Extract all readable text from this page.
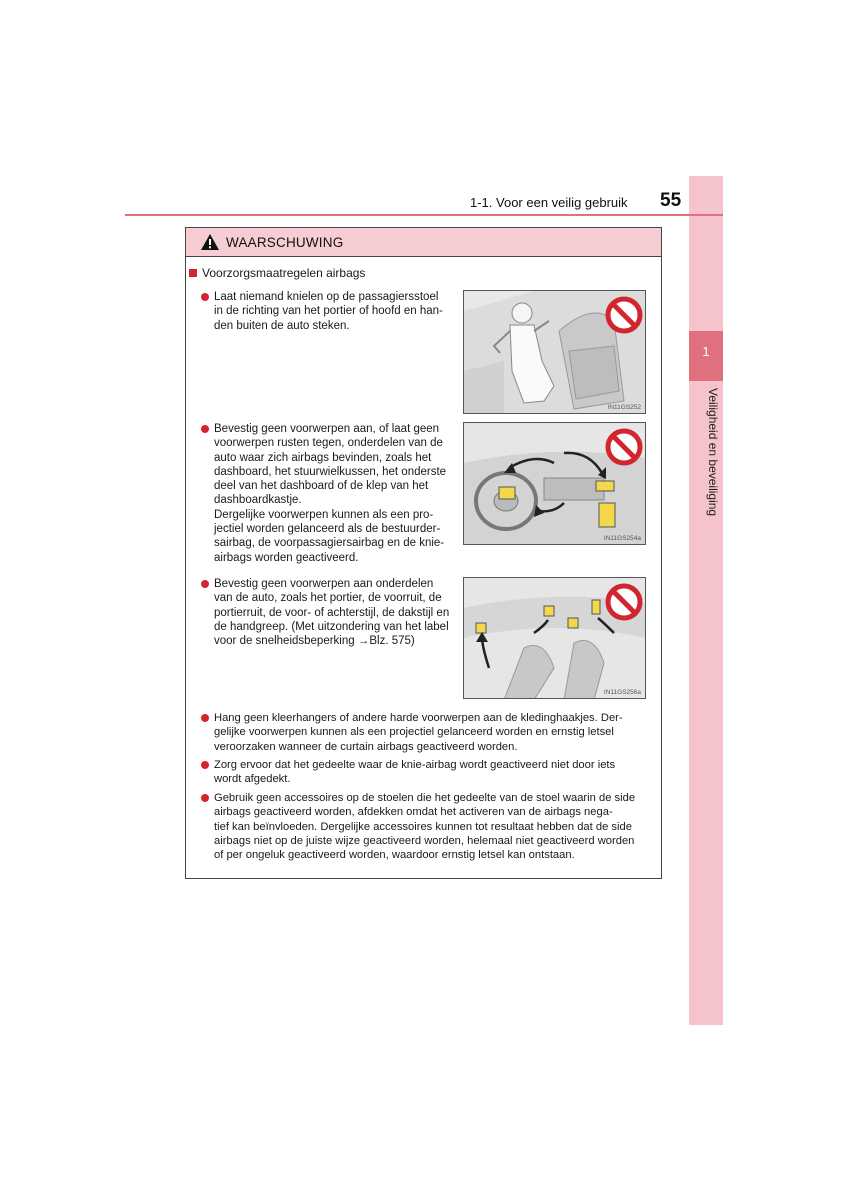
1
Veiligheid en beveiliging
1-1. Voor een veilig gebruik 55
WAARSCHUWING
Voorzorgsmaatregelen airbags

Laat niemand knielen op de passagiersstoel

in de richting van het portier of hoofd en han-

den buiten de auto steken.

IN11GS252

Bevestig geen voorwerpen aan, of laat geen

voorwerpen rusten tegen, onderdelen van de

auto waar zich airbags bevinden, zoals het

dashboard, het stuurwielkussen, het onderste

deel van het dashboard of de klep van het

dashboardkastje.

Dergelijke voorwerpen kunnen als een pro-

jectiel worden gelanceerd als de bestuurder-

sairbag, de voorpassagiersairbag en de knie-

airbags worden geactiveerd.

IN11GS254a

Bevestig geen voorwerpen aan onderdelen

van de auto, zoals het portier, de voorruit, de

portierruit, de voor- of achterstijl, de dakstijl en

de handgreep. (Met uitzondering van het label

voor de snelheidsbeperking →Blz. 575)

IN11GS256a

Hang geen kleerhangers of andere harde voorwerpen aan de kledinghaakjes. Der-

gelijke voorwerpen kunnen als een projectiel gelanceerd worden en ernstig letsel

veroorzaken wanneer de curtain airbags geactiveerd worden.

Zorg ervoor dat het gedeelte waar de knie-airbag wordt geactiveerd niet door iets

wordt afgedekt.

Gebruik geen accessoires op de stoelen die het gedeelte van de stoel waarin de side

airbags geactiveerd worden, afdekken omdat het activeren van de airbags nega-

tief kan beïnvloeden. Dergelijke accessoires kunnen tot resultaat hebben dat de side

airbags niet op de juiste wijze geactiveerd worden, helemaal niet geactiveerd worden

of per ongeluk geactiveerd worden, waardoor ernstig letsel kan ontstaan.
